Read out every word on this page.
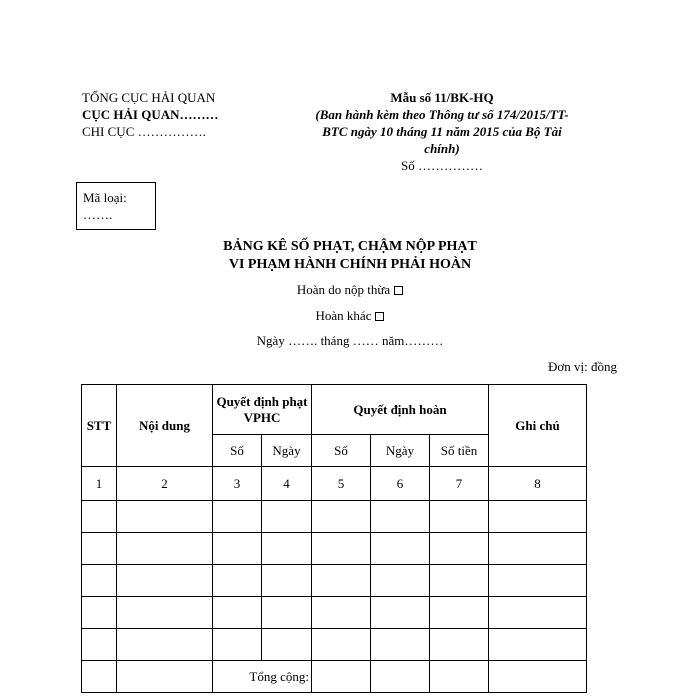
TỔNG CỤC HẢI QUAN
CỤC HẢI QUAN………
CHI CỤC …………….
Mẫu số 11/BK-HQ
(Ban hành kèm theo Thông tư số 174/2015/TT-
BTC ngày 10 tháng 11 năm 2015 của Bộ Tài
chính)
Số ……………
Mã loại:
…….
BẢNG KÊ SỐ PHẠT, CHẬM NỘP PHẠT
VI PHẠM HÀNH CHÍNH PHẢI HOÀN
Hoàn do nộp thừa
Hoàn khác
Ngày ……. tháng …… năm………
Đơn vị: đồng
STT	Nội dung	Quyết định phạt VPHC		Quyết định hoàn			Ghi chú
		Số	Ngày	Số	Ngày	Số tiền	
1	2	3	4	5	6	7	8

		Tổng cộng:					
